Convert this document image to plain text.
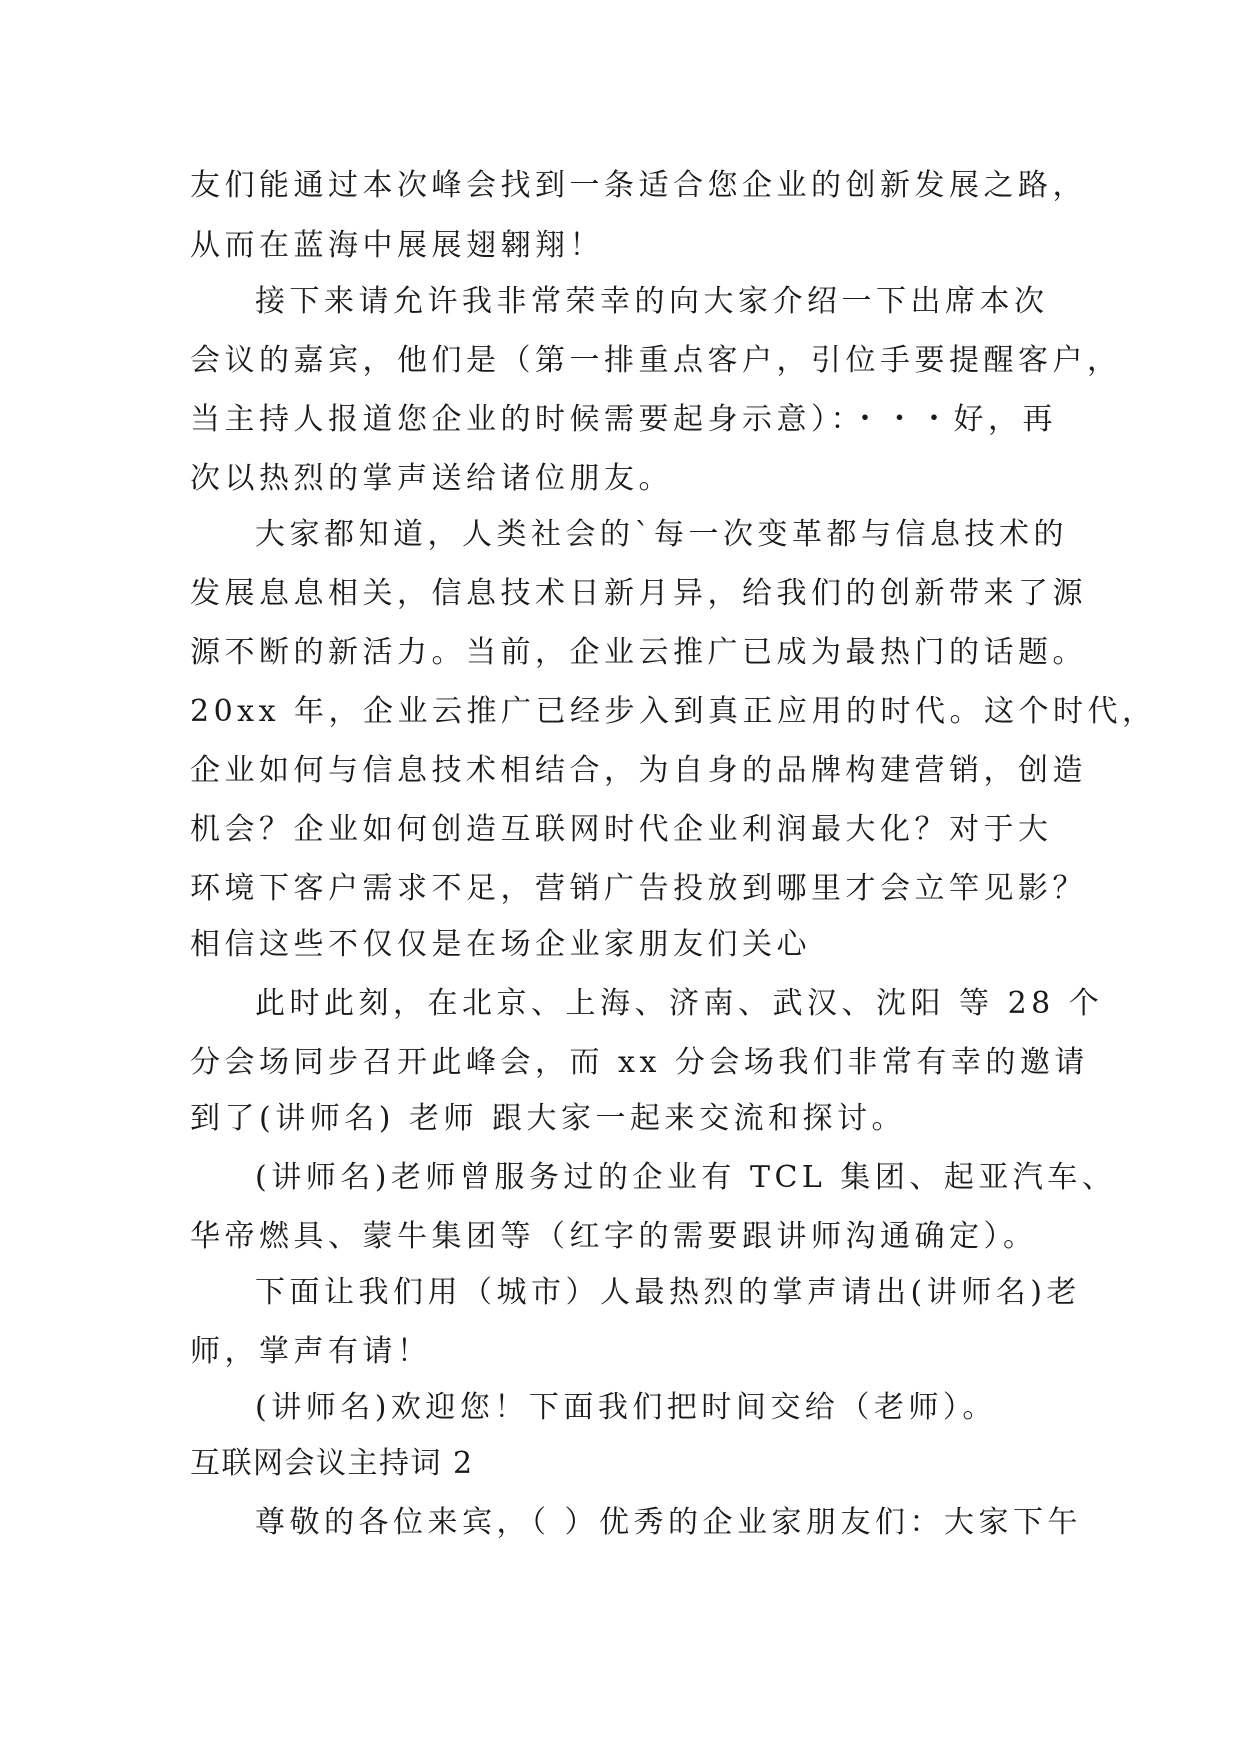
友们能通过本次峰会找到一条适合您企业的创新发展之路，
从而在蓝海中展展翅翱翔！
接下来请允许我非常荣幸的向大家介绍一下出席本次
会议的嘉宾，他们是（第一排重点客户，引位手要提醒客户，
当主持人报道您企业的时候需要起身示意）：・・・好，再
次以热烈的掌声送给诸位朋友。
大家都知道，人类社会的`每一次变革都与信息技术的
发展息息相关，信息技术日新月异，给我们的创新带来了源
源不断的新活力。当前，企业云推广已成为最热门的话题。
20xx 年，企业云推广已经步入到真正应用的时代。这个时代，
企业如何与信息技术相结合，为自身的品牌构建营销，创造
机会？企业如何创造互联网时代企业利润最大化？对于大
环境下客户需求不足，营销广告投放到哪里才会立竿见影？
相信这些不仅仅是在场企业家朋友们关心
此时此刻，在北京、上海、济南、武汉、沈阳 等 28 个
分会场同步召开此峰会，而 xx 分会场我们非常有幸的邀请
到了(讲师名) 老师 跟大家一起来交流和探讨。
(讲师名)老师曾服务过的企业有 TCL 集团、起亚汽车、
华帝燃具、蒙牛集团等（红字的需要跟讲师沟通确定）。
下面让我们用（城市）人最热烈的掌声请出(讲师名)老
师，掌声有请！
(讲师名)欢迎您！下面我们把时间交给（老师）。
互联网会议主持词 2
尊敬的各位来宾，（ ）优秀的企业家朋友们：大家下午
